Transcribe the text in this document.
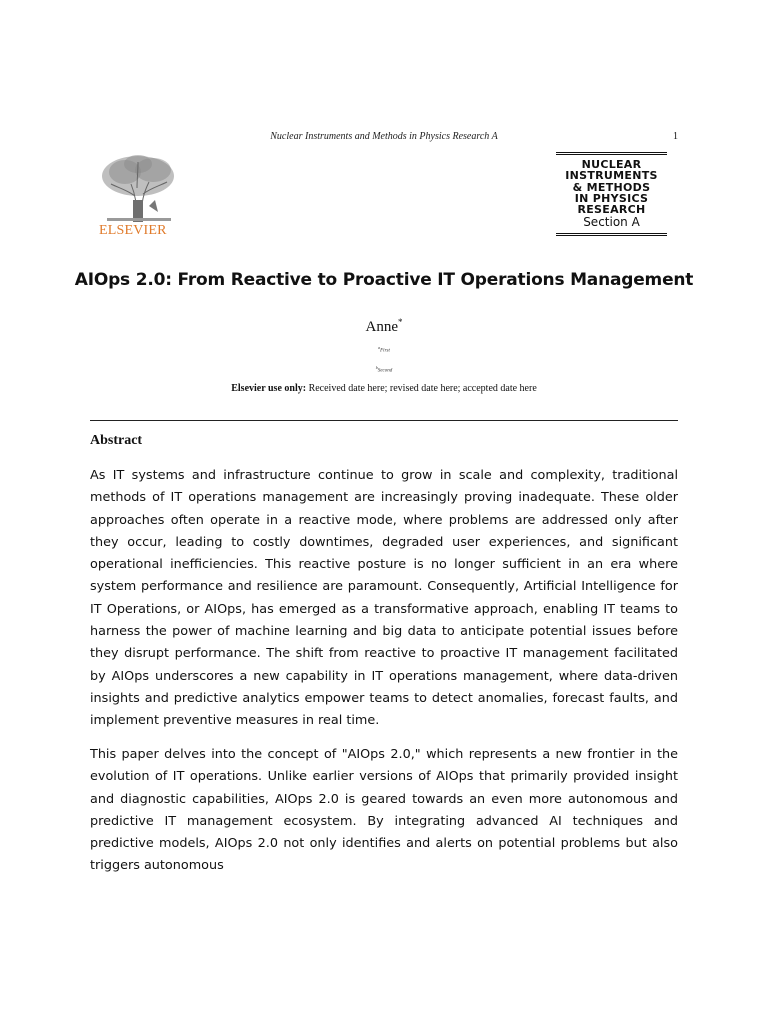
Nuclear Instruments and Methods in Physics Research A	1
ELSEVIER
NUCLEAR
INSTRUMENTS
& METHODS
IN PHYSICS
RESEARCH
Section A
AIOps 2.0: From Reactive to Proactive IT Operations Management
Anne*
$^a$First
$^b$Second
Elsevier use only: Received date here; revised date here; accepted date here
Abstract

As IT systems and infrastructure continue to grow in scale and complexity, traditional methods of IT operations management are increasingly proving inadequate. These older approaches often operate in a reactive mode, where problems are addressed only after they occur, leading to costly downtimes, degraded user experiences, and significant operational inefficiencies. This reactive posture is no longer sufficient in an era where system performance and resilience are paramount. Consequently, Artificial Intelligence for IT Operations, or AIOps, has emerged as a transformative approach, enabling IT teams to harness the power of machine learning and big data to anticipate potential issues before they disrupt performance. The shift from reactive to proactive IT management facilitated by AIOps underscores a new capability in IT operations management, where data-driven insights and predictive analytics empower teams to detect anomalies, forecast faults, and implement preventive measures in real time.

This paper delves into the concept of "AIOps 2.0," which represents a new frontier in the evolution of IT operations. Unlike earlier versions of AIOps that primarily provided insight and diagnostic capabilities, AIOps 2.0 is geared towards an even more autonomous and predictive IT management ecosystem. By integrating advanced AI techniques and predictive models, AIOps 2.0 not only identifies and alerts on potential problems but also triggers autonomous
